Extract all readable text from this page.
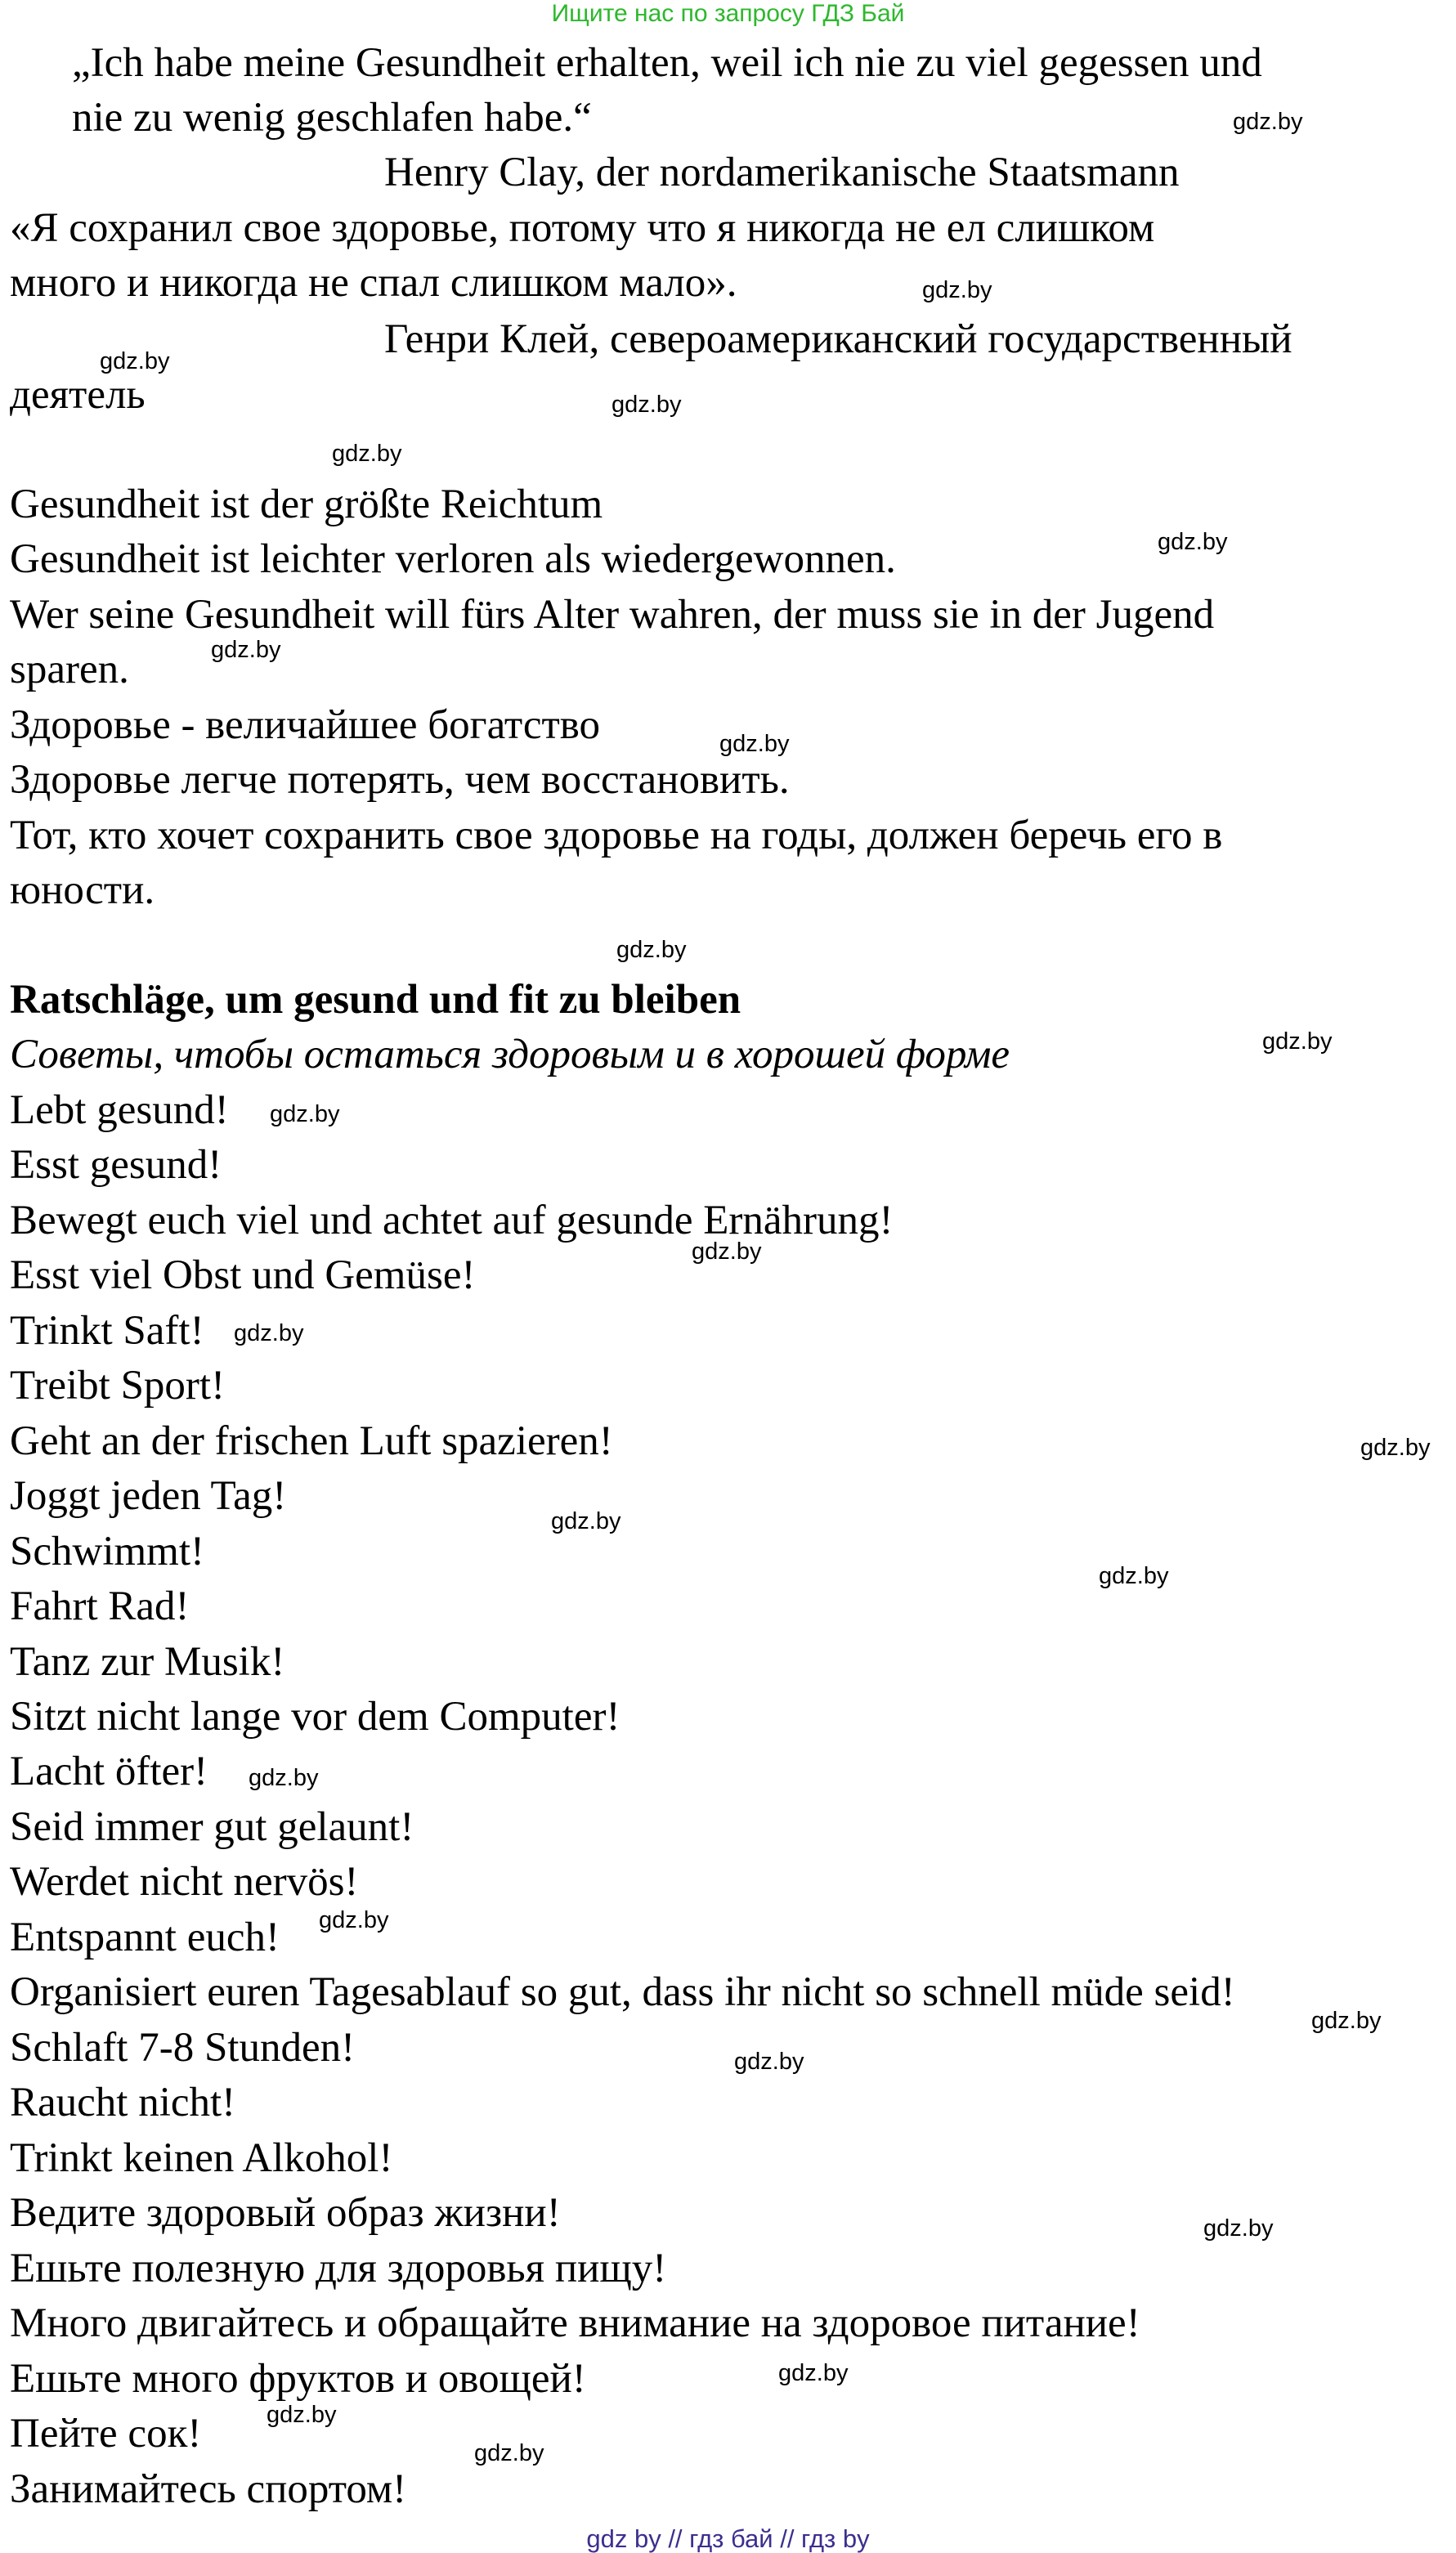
Ищите нас по запросу ГДЗ Бай
„Ich habe meine Gesundheit erhalten, weil ich nie zu viel gegessen und
nie zu wenig geschlafen habe.“
Henry Clay, der nordamerikanische Staatsmann
«Я сохранил свое здоровье, потому что я никогда не ел слишком
много и никогда не спал слишком мало».
Генри Клей, североамериканский государственный
деятель
Gesundheit ist der größte Reichtum
Gesundheit ist leichter verloren als wiedergewonnen.
Wer seine Gesundheit will fürs Alter wahren, der muss sie in der Jugend
sparen.
Здоровье - величайшее богатство
Здоровье легче потерять, чем восстановить.
Тот, кто хочет сохранить свое здоровье на годы, должен беречь его в
юности.
Ratschläge, um gesund und fit zu bleiben
Советы, чтобы остаться здоровым и в хорошей форме
Lebt gesund!
Esst gesund!
Bewegt euch viel und achtet auf gesunde Ernährung!
Esst viel Obst und Gemüse!
Trinkt Saft!
Treibt Sport!
Geht an der frischen Luft spazieren!
Joggt jeden Tag!
Schwimmt!
Fahrt Rad!
Tanz zur Musik!
Sitzt nicht lange vor dem Computer!
Lacht öfter!
Seid immer gut gelaunt!
Werdet nicht nervös!
Entspannt euch!
Organisiert euren Tagesablauf so gut, dass ihr nicht so schnell müde seid!
Schlaft 7-8 Stunden!
Raucht nicht!
Trinkt keinen Alkohol!
Ведите здоровый образ жизни!
Ешьте полезную для здоровья пищу!
Много двигайтесь и обращайте внимание на здоровое питание!
Ешьте много фруктов и овощей!
Пейте сок!
Занимайтесь спортом!
gdz.by
gdz.by
gdz.by
gdz.by
gdz.by
gdz.by
gdz.by
gdz.by
gdz.by
gdz.by
gdz.by
gdz.by
gdz.by
gdz.by
gdz.by
gdz.by
gdz.by
gdz.by
gdz.by
gdz.by
gdz.by
gdz.by
gdz.by
gdz.by
gdz by // гдз бай // гдз by
